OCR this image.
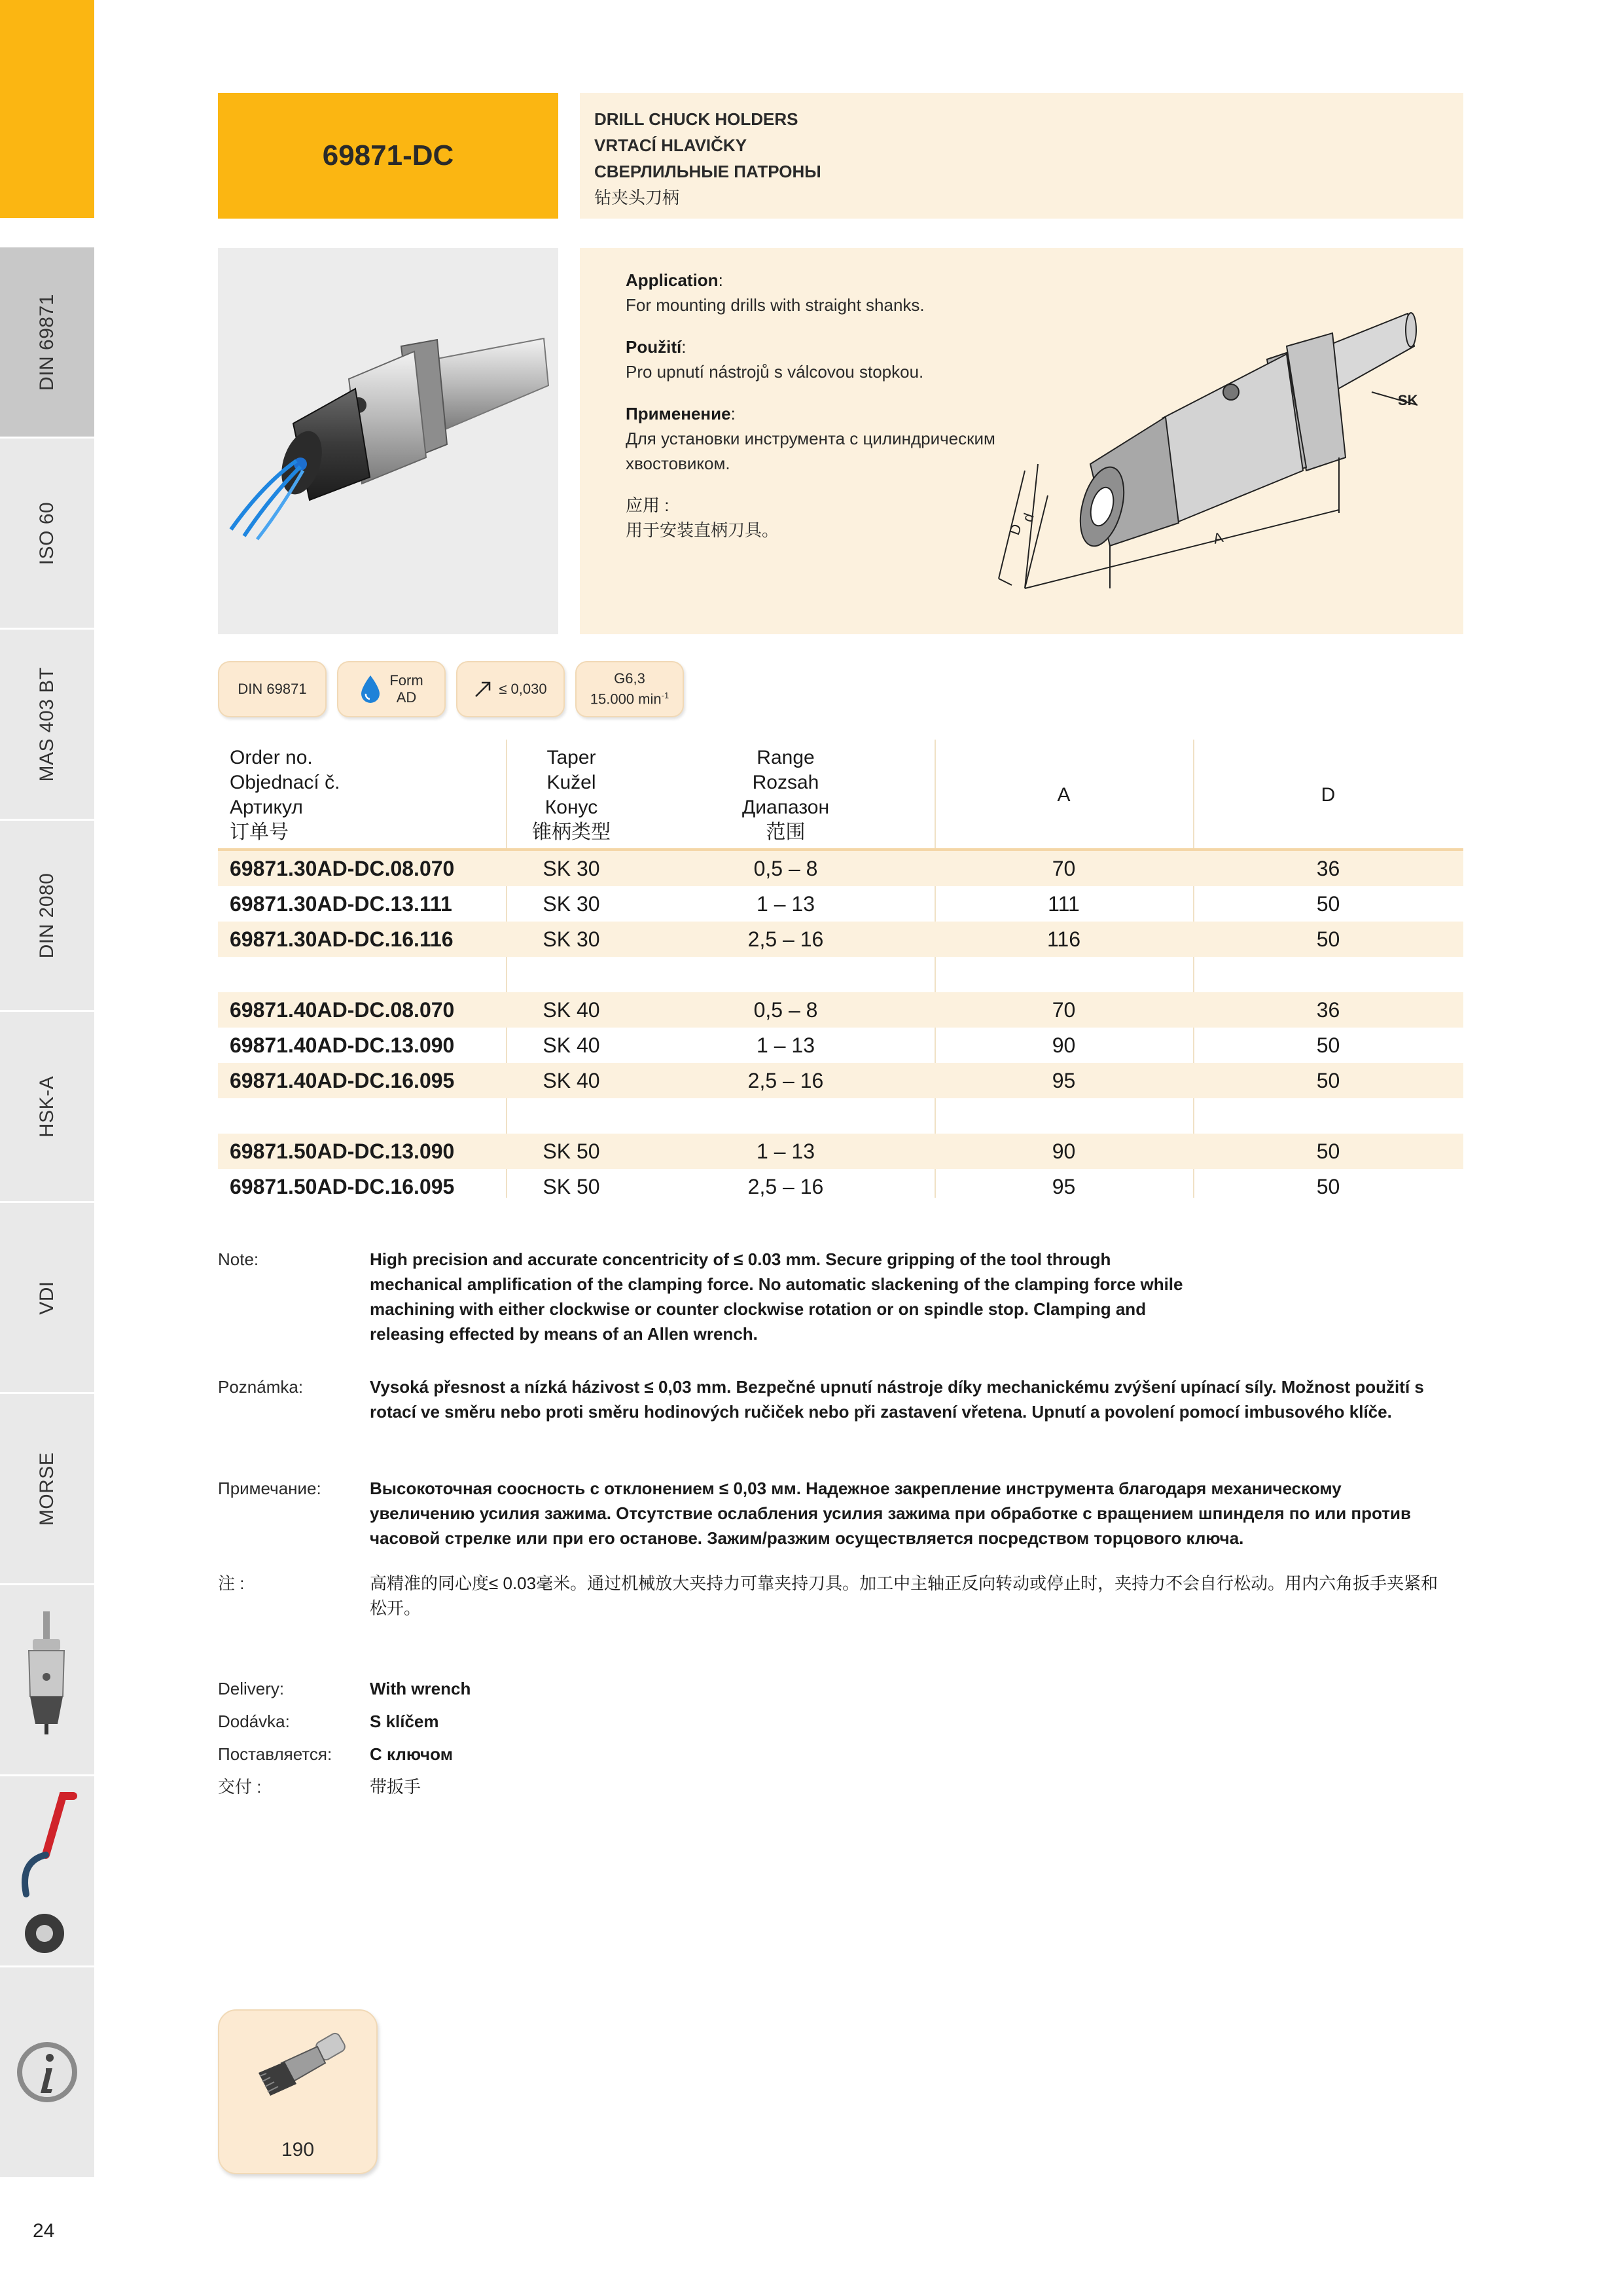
DIN 69871
ISO 60
MAS 403 BT
DIN 2080
HSK-A
VDI
MORSE
24
69871-DC
DRILL CHUCK HOLDERS
VRTACÍ HLAVIČKY
СВЕРЛИЛЬНЫЕ ПАТРОНЫ
钻夹头刀柄
Application:
For mounting drills with straight shanks.
Použití:
Pro upnutí nástrojů s válcovou stopkou.
Применение:
Для установки инструмента с цилиндрическим хвостовиком.
应用 :
用于安装直柄刀具。
d
D	A
SK
DIN 69871
Form
AD
≤ 0,030
G6,3
15.000 $\min^{-1}$
Order no.
Objednací č.
Артикул
订单号
Taper
Kužel
Конус
锥柄类型
Range
Rozsah
Диапазон
范围
A	D
69871.30AD-DC.08.070	SK 30	0,5 – 8	70	36
69871.30AD-DC.13.111	SK 30	1 – 13	111	50
69871.30AD-DC.16.116	SK 30	2,5 – 16	116	50
69871.40AD-DC.08.070	SK 40	0,5 – 8	70	36
69871.40AD-DC.13.090	SK 40	1 – 13	90	50
69871.40AD-DC.16.095	SK 40	2,5 – 16	95	50
69871.50AD-DC.13.090	SK 50	1 – 13	90	50
69871.50AD-DC.16.095	SK 50	2,5 – 16	95	50
Note:	High precision and accurate concentricity of ≤ 0.03 mm. Secure gripping of the tool through mechanical amplification of the clamping force. No automatic slackening of the clamping force while machining with either clockwise or counter clockwise rotation or on spindle stop. Clamping and releasing effected by means of an Allen wrench.
Poznámka:	Vysoká přesnost a nízká házivost ≤ 0,03 mm. Bezpečné upnutí nástroje díky mechanickému zvýšení upínací síly. Možnost použití s rotací ve směru nebo proti směru hodinových ručiček nebo při zastavení vřetena. Upnutí a povolení pomocí imbusového klíče.
Примечание:	Высокоточная соосность с отклонением ≤ 0,03 мм. Надежное закрепление инструмента благодаря механическому увеличению усилия зажима. Отсутствие ослабления усилия зажима при обработке с вращением шпинделя по или против часовой стрелке или при его останове. Зажим/разжим осуществляется посредством торцового ключа.
注 :	高精准的同心度≤ 0.03毫米。通过机械放大夹持力可靠夹持刀具。加工中主轴正反向转动或停止时，夹持力不会自行松动。用内六角扳手夹紧和松开。
Delivery:	With wrench
Dodávka:	S klíčem
Поставляется: С ключом
交付 :	带扳手
190
